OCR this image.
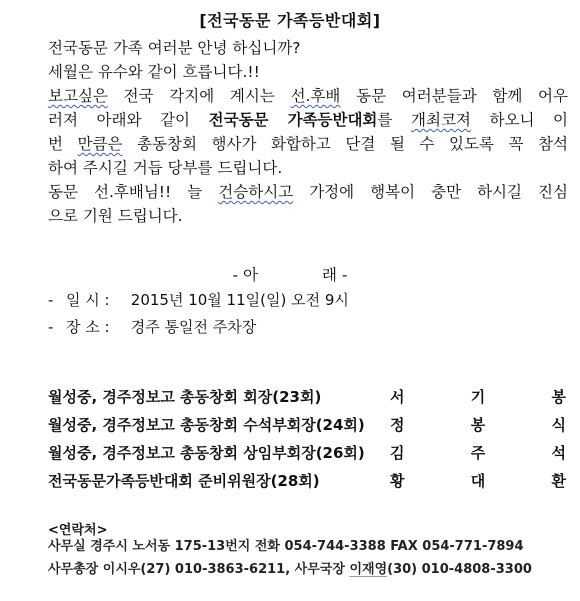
[전국동문 가족등반대회]
전국동문 가족 여러분 안녕 하십니까?
세월은 유수와 같이 흐릅니다.!!
보고싶은 전국 각지에 계시는 선.후배 동문 여러분들과 함께 어우
러져 아래와 같이 전국동문 가족등반대회를 개최코져 하오니 이
번 만큼은 총동창회 행사가 화합하고 단결 될 수 있도록 꼭 참석
하여 주시길 거듭 당부를 드립니다.
동문 선.후배님!! 늘 건승하시고 가정에 행복이 충만 하시길 진심
으로 기원 드립니다.
- 아	래 -
- 일 시 : 2015년 10월 11일(일) 오전 9시
- 장 소 : 경주 통일전 주차장
월성중, 경주정보고 총동창회 회장(23회)	서	기	봉
월성중, 경주정보고 총동창회 수석부회장(24회) 정	봉	식
월성중, 경주정보고 총동창회 상임부회장(26회) 김	주	석
전국동문가족등반대회 준비위원장(28회)	황	대	환
<연락처>
사무실 경주시 노서동 175-13번지 전화 054-744-3388 FAX 054-771-7894
사무총장 이시우(27) 010-3863-6211, 사무국장 이재영(30) 010-4808-3300
